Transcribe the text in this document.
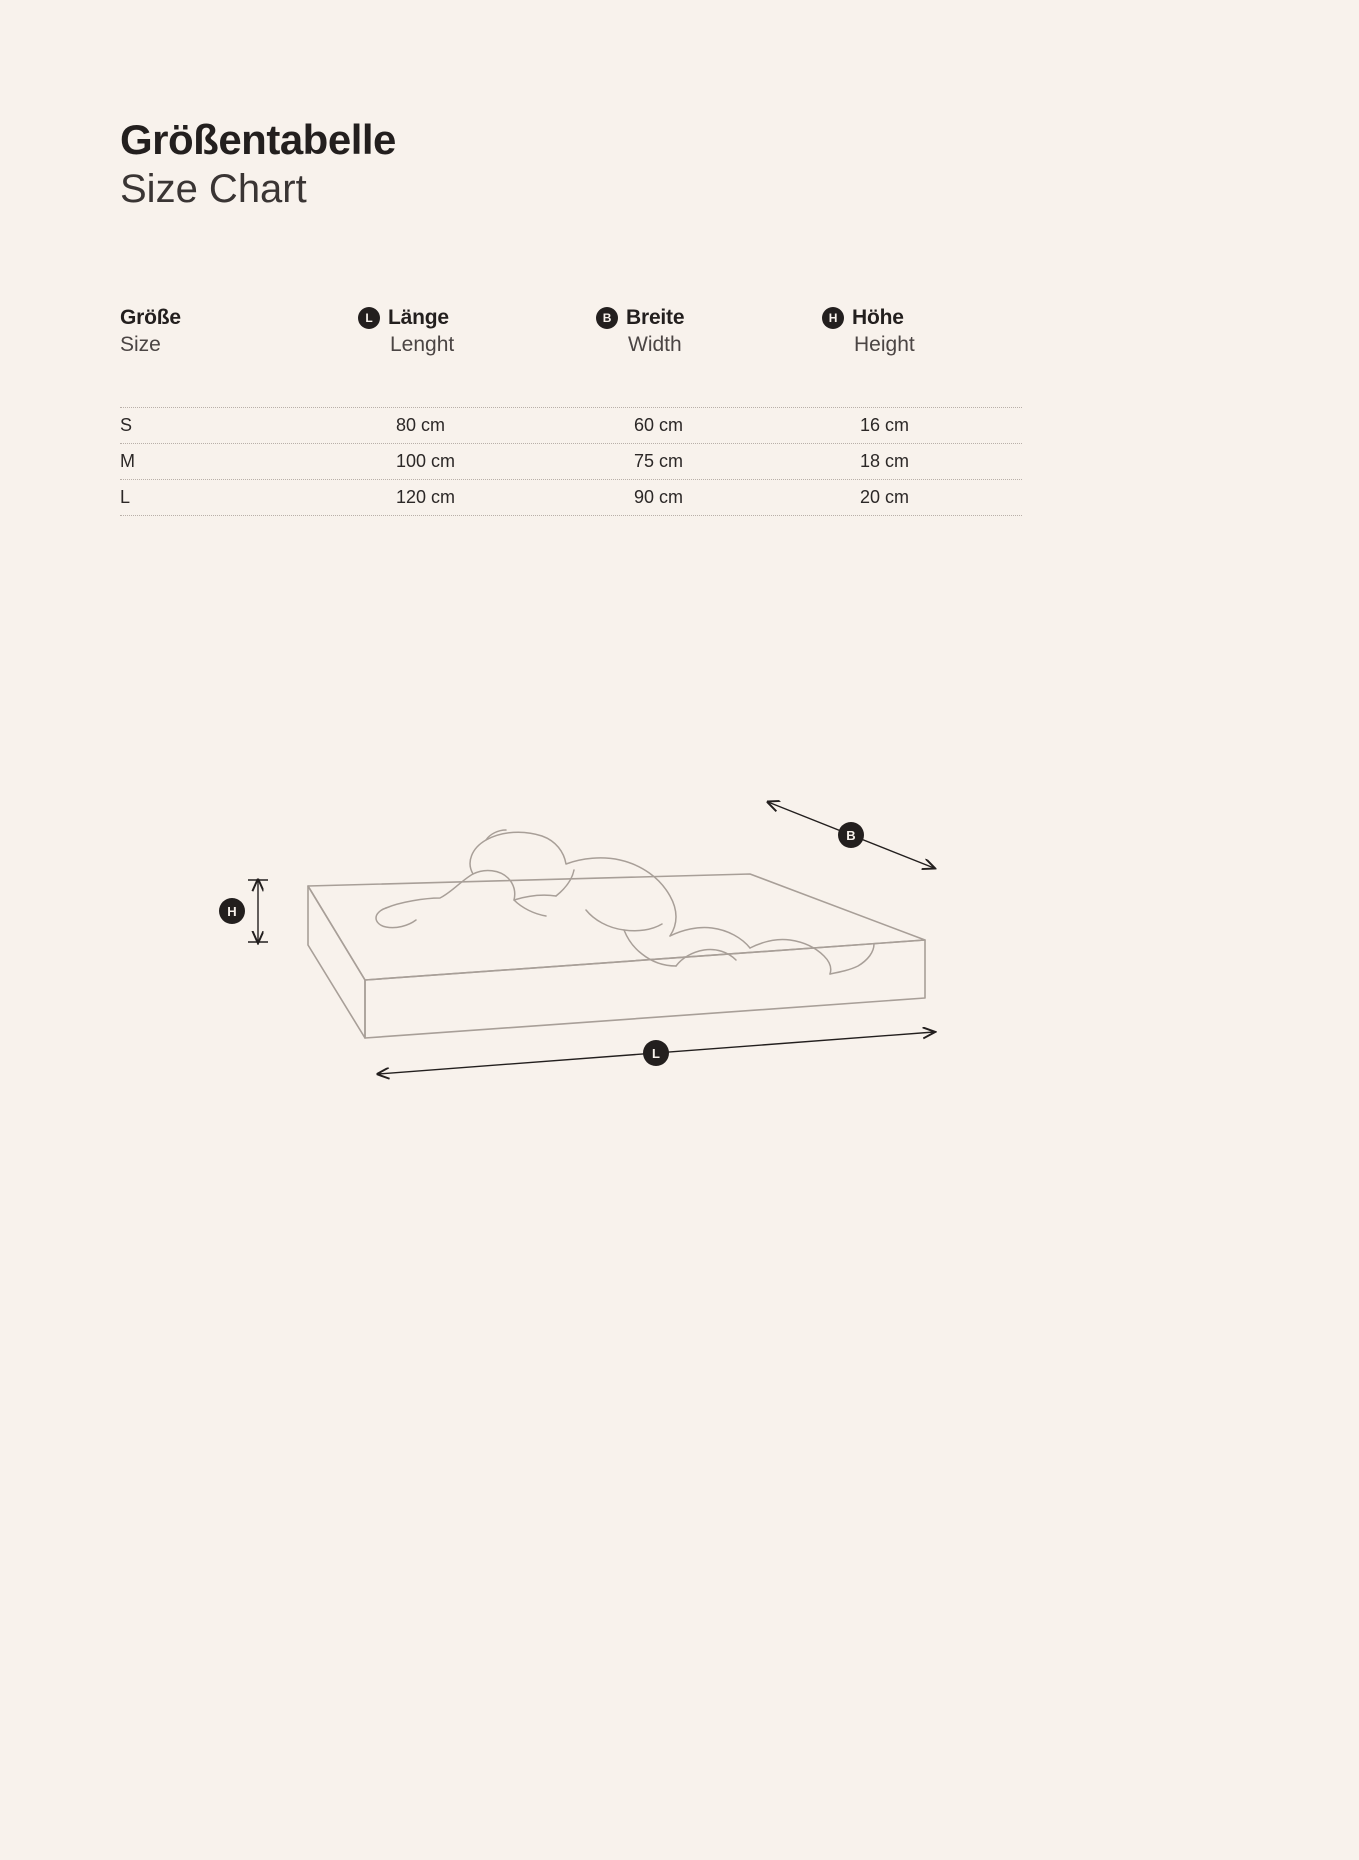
Größentabelle
Size Chart
Größe
Size
L Länge
Lenght
B Breite
Width
H Höhe
Height
S	80 cm	60 cm	16 cm
M	100 cm	75 cm	18 cm
L	120 cm	90 cm	20 cm
H
B
L
